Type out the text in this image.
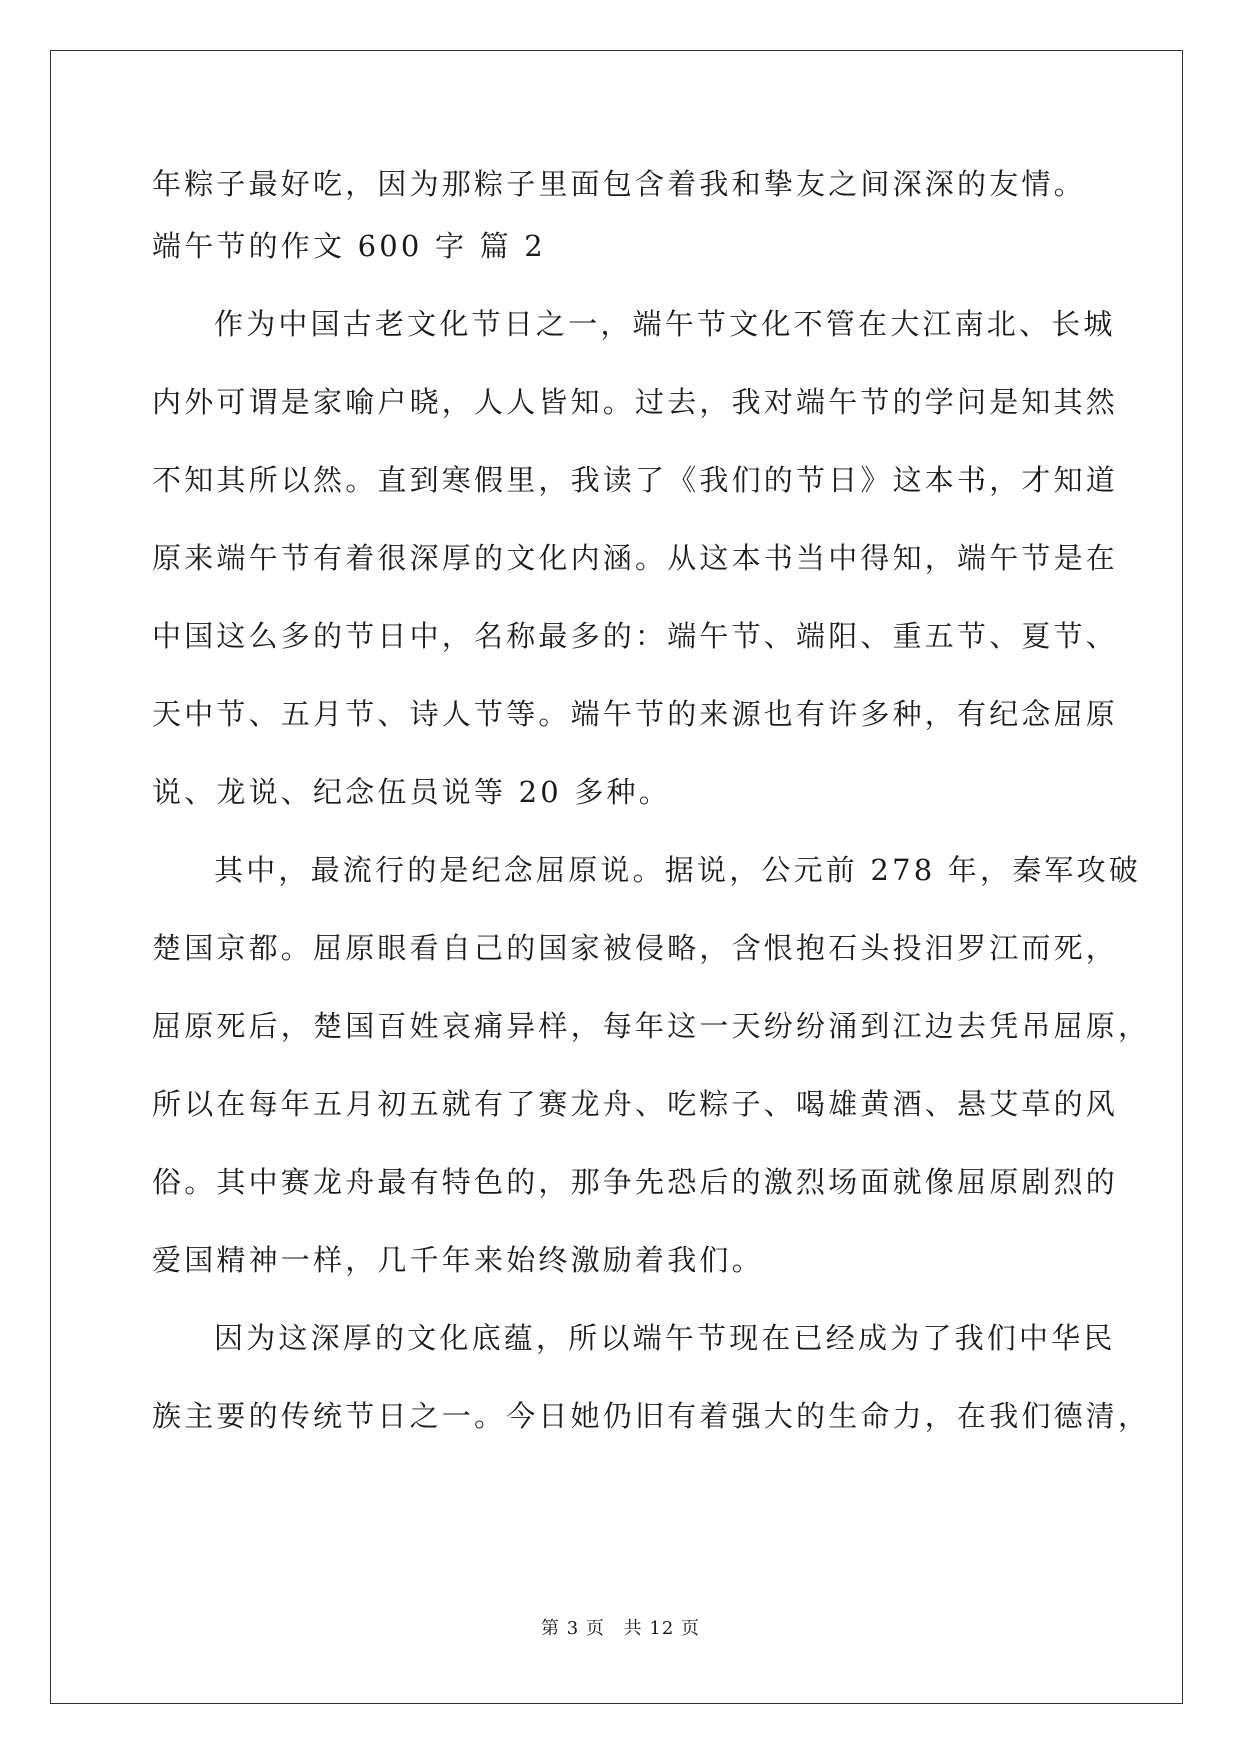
年粽子最好吃，因为那粽子里面包含着我和挚友之间深深的友情。
端午节的作文 600 字 篇 2
作为中国古老文化节日之一，端午节文化不管在大江南北、长城
内外可谓是家喻户晓，人人皆知。过去，我对端午节的学问是知其然
不知其所以然。直到寒假里，我读了《我们的节日》这本书，才知道
原来端午节有着很深厚的文化内涵。从这本书当中得知，端午节是在
中国这么多的节日中，名称最多的：端午节、端阳、重五节、夏节、
天中节、五月节、诗人节等。端午节的来源也有许多种，有纪念屈原
说、龙说、纪念伍员说等 20 多种。
其中，最流行的是纪念屈原说。据说，公元前 278 年，秦军攻破
楚国京都。屈原眼看自己的国家被侵略，含恨抱石头投汨罗江而死，
屈原死后，楚国百姓哀痛异样，每年这一天纷纷涌到江边去凭吊屈原，
所以在每年五月初五就有了赛龙舟、吃粽子、喝雄黄酒、悬艾草的风
俗。其中赛龙舟最有特色的，那争先恐后的激烈场面就像屈原剧烈的
爱国精神一样，几千年来始终激励着我们。
因为这深厚的文化底蕴，所以端午节现在已经成为了我们中华民
族主要的传统节日之一。今日她仍旧有着强大的生命力，在我们德清，
第 3 页 共 12 页
